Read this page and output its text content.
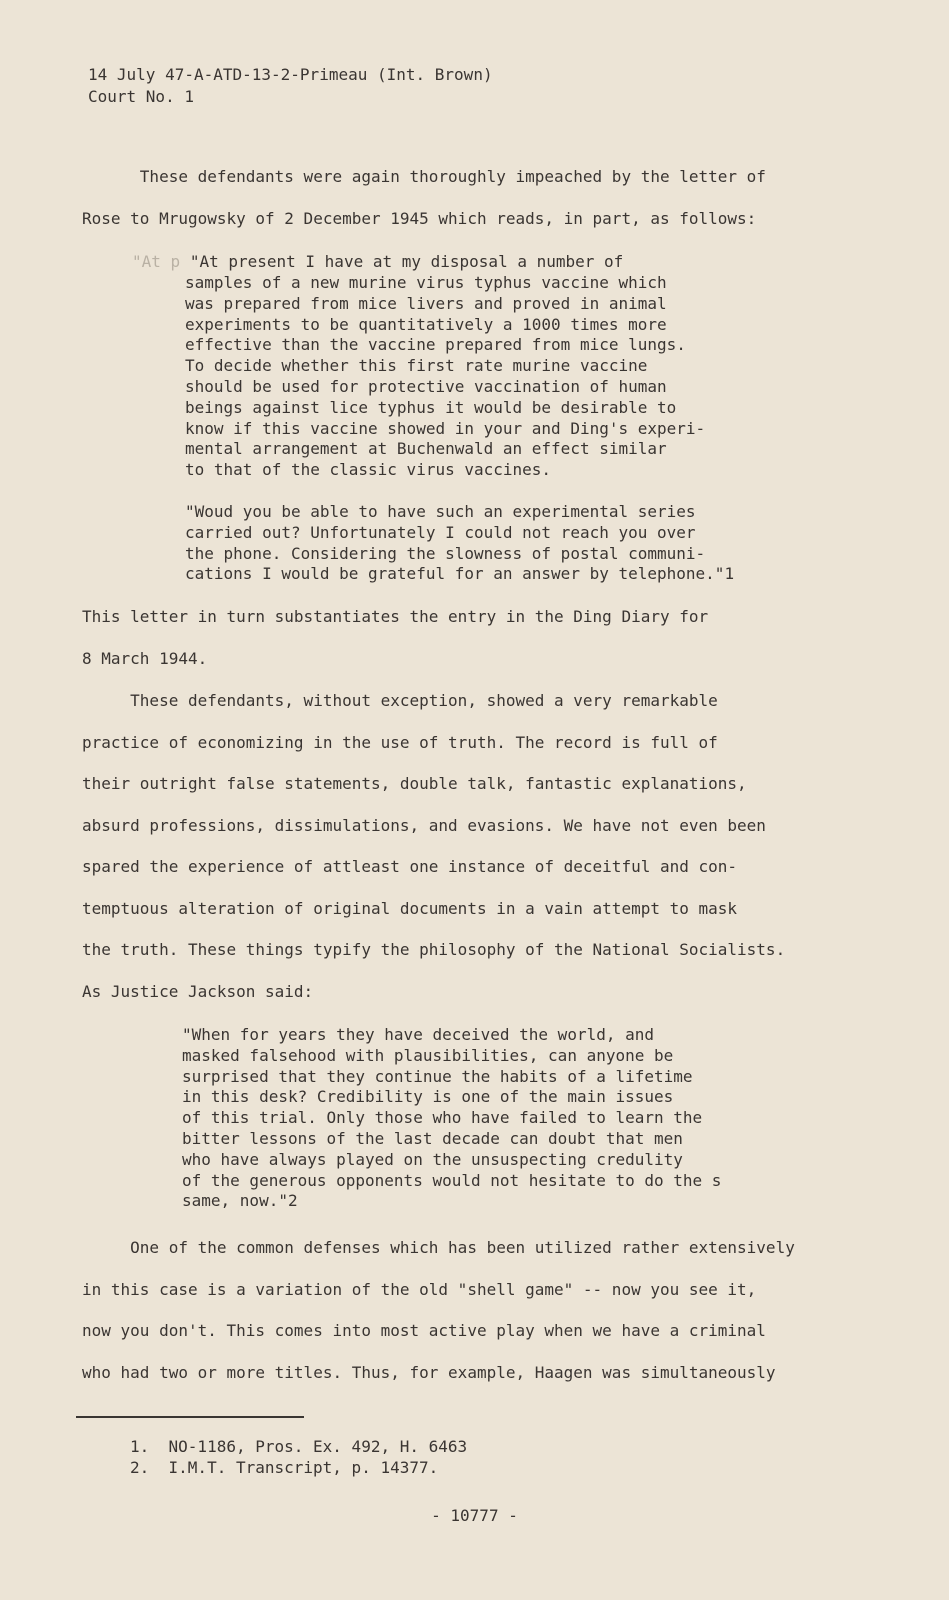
14 July 47-A-ATD-13-2-Primeau (Int. Brown)
Court No. 1
These defendants were again thoroughly impeached by the letter of
Rose to Mrugowsky of 2 December 1945 which reads, in part, as follows:
"At p "At present I have at my disposal a number of
samples of a new murine virus typhus vaccine which
was prepared from mice livers and proved in animal
experiments to be quantitatively a 1000 times more
effective than the vaccine prepared from mice lungs.
To decide whether this first rate murine vaccine
should be used for protective vaccination of human
beings against lice typhus it would be desirable to
know if this vaccine showed in your and Ding's experi-
mental arrangement at Buchenwald an effect similar
to that of the classic virus vaccines.
"Woud you be able to have such an experimental series
carried out? Unfortunately I could not reach you over
the phone. Considering the slowness of postal communi-
cations I would be grateful for an answer by telephone."1
This letter in turn substantiates the entry in the Ding Diary for
8 March 1944.
These defendants, without exception, showed a very remarkable
practice of economizing in the use of truth. The record is full of
their outright false statements, double talk, fantastic explanations,
absurd professions, dissimulations, and evasions. We have not even been
spared the experience of attleast one instance of deceitful and con-
temptuous alteration of original documents in a vain attempt to mask
the truth. These things typify the philosophy of the National Socialists.
As Justice Jackson said:
"When for years they have deceived the world, and
masked falsehood with plausibilities, can anyone be
surprised that they continue the habits of a lifetime
in this desk? Credibility is one of the main issues
of this trial. Only those who have failed to learn the
bitter lessons of the last decade can doubt that men
who have always played on the unsuspecting credulity
of the generous opponents would not hesitate to do the s
same, now."2
One of the common defenses which has been utilized rather extensively
in this case is a variation of the old "shell game" -- now you see it,
now you don't. This comes into most active play when we have a criminal
who had two or more titles. Thus, for example, Haagen was simultaneously
1.  NO-1186, Pros. Ex. 492, H. 6463
2.  I.M.T. Transcript, p. 14377.
- 10777 -
